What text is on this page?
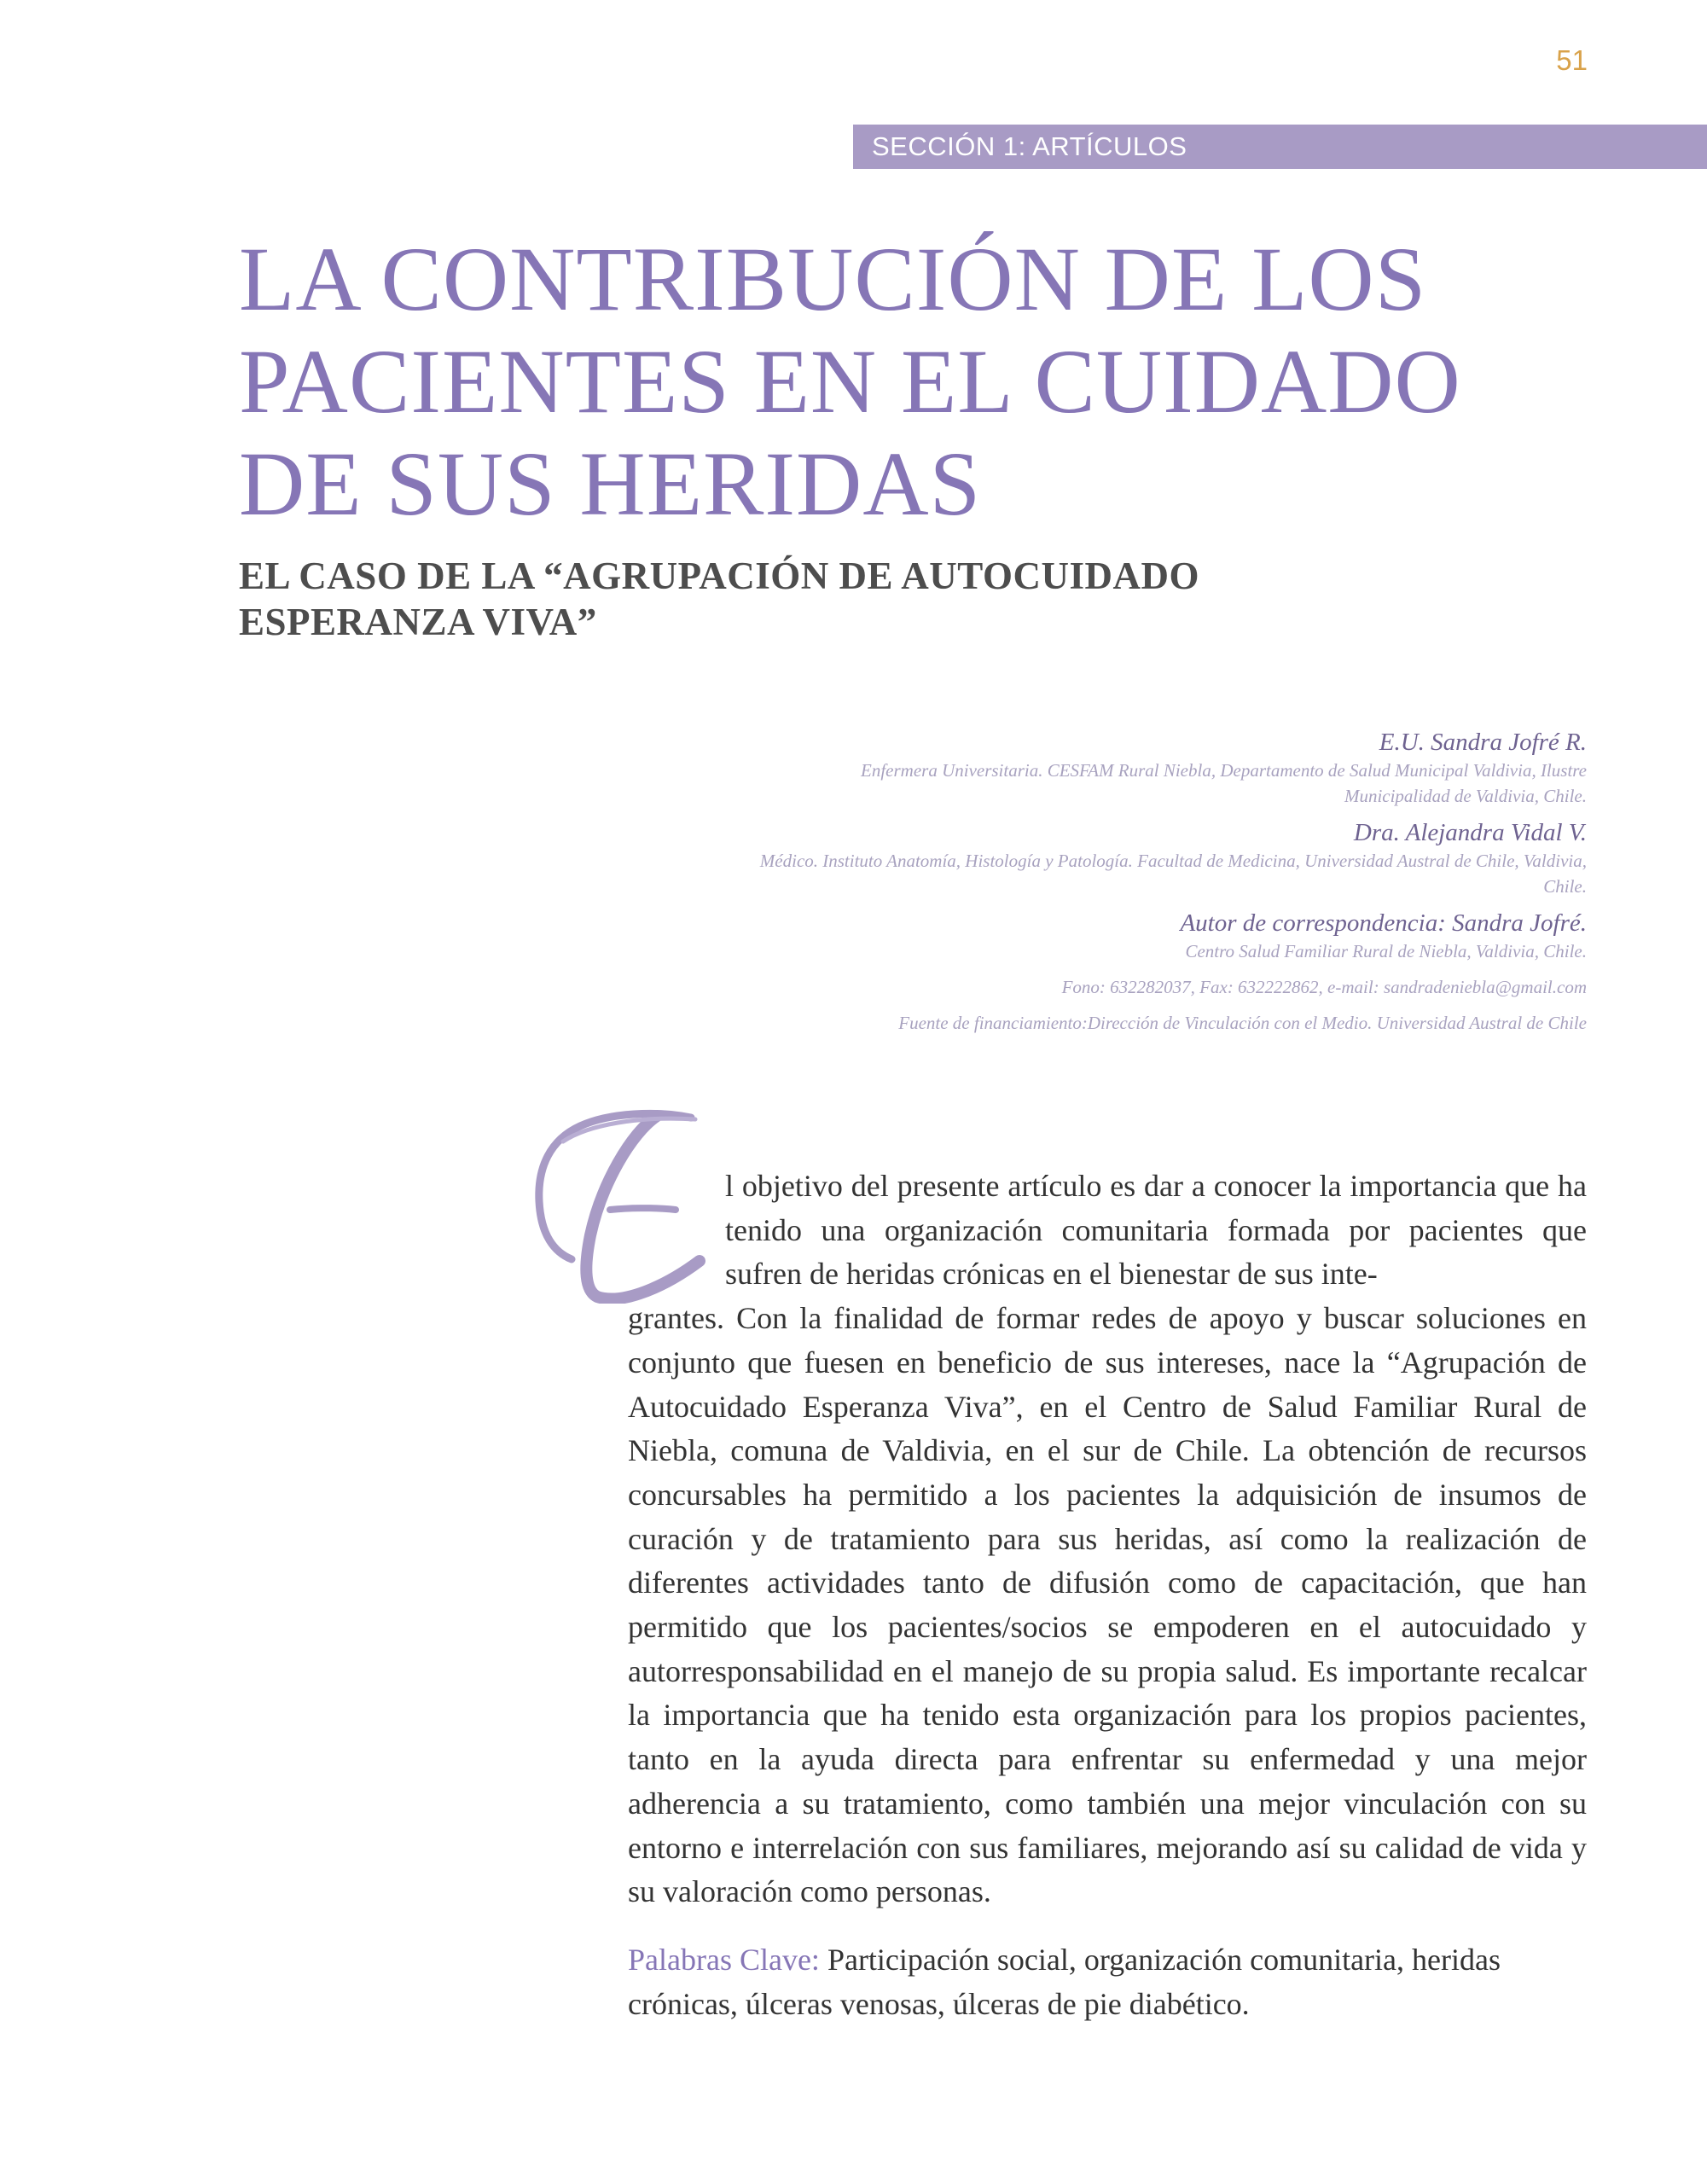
51
SECCIÓN 1: ARTÍCULOS
LA CONTRIBUCIÓN DE LOS
PACIENTES EN EL CUIDADO
DE SUS HERIDAS
EL CASO DE LA “AGRUPACIÓN DE AUTOCUIDADO
ESPERANZA VIVA”
E.U. Sandra Jofré R.
Enfermera Universitaria. CESFAM Rural Niebla, Departamento de Salud Municipal Valdivia, Ilustre
Municipalidad de Valdivia, Chile.
Dra. Alejandra Vidal V.
Médico. Instituto Anatomía, Histología y Patología. Facultad de Medicina, Universidad Austral de Chile, Valdivia,
Chile.
Autor de correspondencia: Sandra Jofré.
Centro Salud Familiar Rural de Niebla, Valdivia, Chile.
Fono: 632282037, Fax: 632222862, e-mail: sandradeniebla@gmail.com
Fuente de financiamiento:Dirección de Vinculación con el Medio. Universidad Austral de Chile

l objetivo del presente artículo es dar a conocer la importancia que ha tenido una organización comunitaria formada por pacientes que sufren de heridas crónicas en el bienestar de sus inte-
grantes. Con la finalidad de formar redes de apoyo y buscar soluciones en conjunto que fuesen en beneficio de sus intereses, nace la “Agrupación de Autocuidado Esperanza Viva”, en el Centro de Salud Familiar Rural de Niebla, comuna de Valdivia, en el sur de Chile. La obtención de recursos concursables ha permitido a los pacientes la adquisición de insumos de curación y de tratamiento para sus heridas, así como la realización de diferentes actividades tanto de difusión como de capacitación, que han permitido que los pacientes/socios se empoderen en el autocuidado y autorresponsabilidad en el manejo de su propia salud. Es importante recalcar la importancia que ha tenido esta organización para los propios pacientes, tanto en la ayuda directa para enfrentar su enfermedad y una mejor adherencia a su tratamiento, como también una mejor vinculación con su entorno e interrelación con sus familiares, mejorando así su calidad de vida y su valoración como personas.

Palabras Clave: Participación social, organización comunitaria, heridas crónicas, úlceras venosas, úlceras de pie diabético.
